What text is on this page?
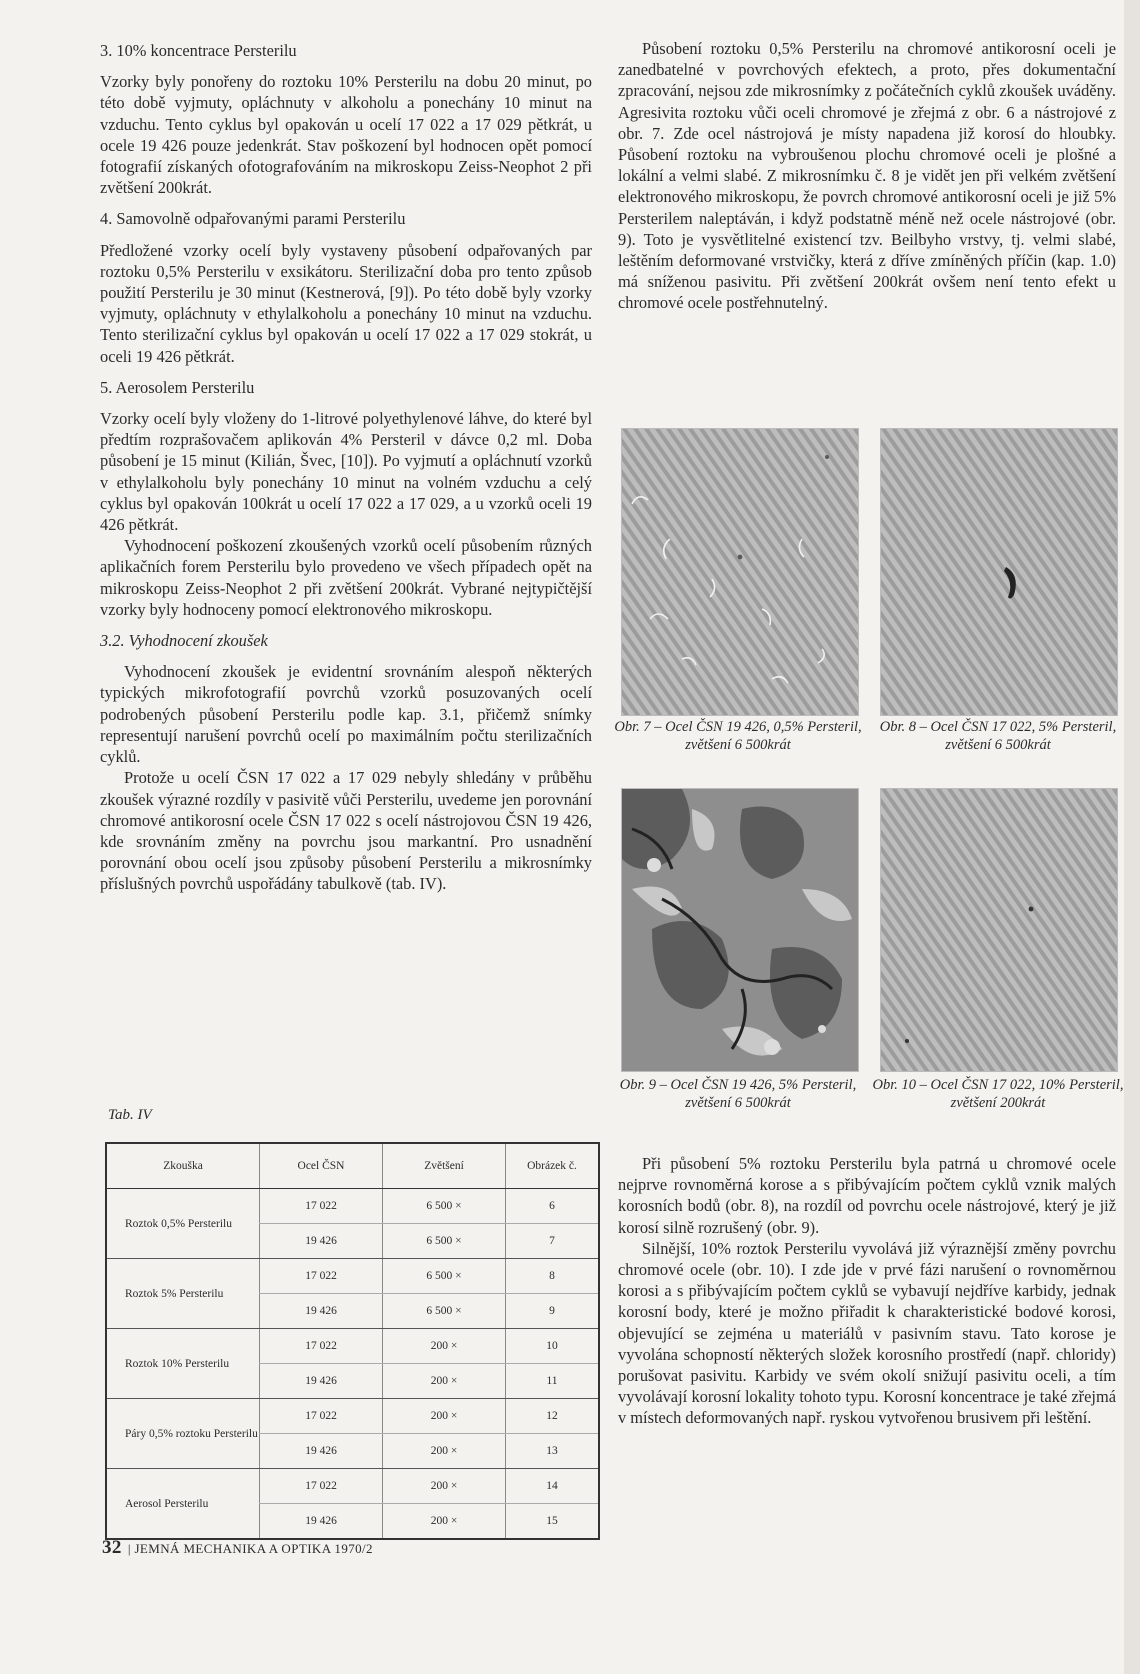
3. 10% koncentrace Persterilu

Vzorky byly ponořeny do roztoku 10% Persterilu na dobu 20 minut, po této době vyjmuty, opláchnuty v alkoholu a ponechány 10 minut na vzduchu. Tento cyklus byl opakován u ocelí 17 022 a 17 029 pětkrát, u ocele 19 426 pouze jedenkrát. Stav poškození byl hodnocen opět pomocí fotografií získaných ofotografováním na mikroskopu Zeiss-Neophot 2 při zvětšení 200krát.

4. Samovolně odpařovanými parami Persterilu

Předložené vzorky ocelí byly vystaveny působení odpařovaných par roztoku 0,5% Persterilu v exsikátoru. Sterilizační doba pro tento způsob použití Persterilu je 30 minut (Kestnerová, [9]). Po této době byly vzorky vyjmuty, opláchnuty v ethylalkoholu a ponechány 10 minut na vzduchu. Tento sterilizační cyklus byl opakován u ocelí 17 022 a 17 029 stokrát, u oceli 19 426 pětkrát.

5. Aerosolem Persterilu

Vzorky ocelí byly vloženy do 1-litrové polyethylenové láhve, do které byl předtím rozprašovačem aplikován 4% Persteril v dávce 0,2 ml. Doba působení je 15 minut (Kilián, Švec, [10]). Po vyjmutí a opláchnutí vzorků v ethylalkoholu byly ponechány 10 minut na volném vzduchu a celý cyklus byl opakován 100krát u ocelí 17 022 a 17 029, a u vzorků oceli 19 426 pětkrát.

Vyhodnocení poškození zkoušených vzorků ocelí působením různých aplikačních forem Persterilu bylo provedeno ve všech případech opět na mikroskopu Zeiss-Neophot 2 při zvětšení 200krát. Vybrané nejtypičtější vzorky byly hodnoceny pomocí elektronového mikroskopu.

3.2. Vyhodnocení zkoušek

Vyhodnocení zkoušek je evidentní srovnáním alespoň některých typických mikrofotografií povrchů vzorků posuzovaných ocelí podrobených působení Persterilu podle kap. 3.1, přičemž snímky representují narušení povrchů ocelí po maximálním počtu sterilizačních cyklů.

Protože u ocelí ČSN 17 022 a 17 029 nebyly shledány v průběhu zkoušek výrazné rozdíly v pasivitě vůči Persterilu, uvedeme jen porovnání chromové antikorosní ocele ČSN 17 022 s ocelí nástrojovou ČSN 19 426, kde srovnáním změny na povrchu jsou markantní. Pro usnadnění porovnání obou ocelí jsou způsoby působení Persterilu a mikrosnímky příslušných povrchů uspořádány tabulkově (tab. IV).

Tab. IV
Zkouška	Ocel ČSN	Zvětšení	Obrázek č.
Roztok 0,5% Persterilu	17 022	6 500 ×	6
	19 426	6 500 ×	7
Roztok 5% Persterilu	17 022	6 500 ×	8
	19 426	6 500 ×	9
Roztok 10% Persterilu	17 022	200 ×	10
	19 426	200 ×	11
Páry 0,5% roztoku Persterilu	17 022	200 ×	12
	19 426	200 ×	13
Aerosol Persterilu	17 022	200 ×	14
	19 426	200 ×	15

Působení roztoku 0,5% Persterilu na chromové antikorosní oceli je zanedbatelné v povrchových efektech, a proto, přes dokumentační zpracování, nejsou zde mikrosnímky z počátečních cyklů zkoušek uváděny. Agresivita roztoku vůči oceli chromové je zřejmá z obr. 6 a nástrojové z obr. 7. Zde ocel nástrojová je místy napadena již korosí do hloubky. Působení roztoku na vybroušenou plochu chromové oceli je plošné a lokální a velmi slabé. Z mikrosnímku č. 8 je vidět jen při velkém zvětšení elektronového mikroskopu, že povrch chromové antikorosní oceli je již 5% Persterilem naleptáván, i když podstatně méně než ocele nástrojové (obr. 9). Toto je vysvětlitelné existencí tzv. Beilbyho vrstvy, tj. velmi slabé, leštěním deformované vrstvičky, která z dříve zmíněných příčin (kap. 1.0) má sníženou pasivitu. Při zvětšení 200krát ovšem není tento efekt u chromové ocele postřehnutelný.

Obr. 7 – Ocel ČSN 19 426, 0,5% Persteril, zvětšení 6 500krát
Obr. 8 – Ocel ČSN 17 022, 5% Persteril, zvětšení 6 500krát
Obr. 9 – Ocel ČSN 19 426, 5% Persteril, zvětšení 6 500krát
Obr. 10 – Ocel ČSN 17 022, 10% Persteril, zvětšení 200krát

Při působení 5% roztoku Persterilu byla patrná u chromové ocele nejprve rovnoměrná korose a s přibývajícím počtem cyklů vznik malých korosních bodů (obr. 8), na rozdíl od povrchu ocele nástrojové, který je již korosí silně rozrušený (obr. 9).

Silnější, 10% roztok Persterilu vyvolává již výraznější změny povrchu chromové ocele (obr. 10). I zde jde v prvé fázi narušení o rovnoměrnou korosi a s přibývajícím počtem cyklů se vybavují nejdříve karbidy, jednak korosní body, které je možno přiřadit k charakteristické bodové korosi, objevující se zejména u materiálů v pasivním stavu. Tato korose je vyvolána schopností některých složek korosního prostředí (např. chloridy) porušovat pasivitu. Karbidy ve svém okolí snižují pasivitu oceli, a tím vyvolávají korosní lokality tohoto typu. Korosní koncentrace je také zřejmá v místech deformovaných např. ryskou vytvořenou brusivem při leštění.

32 | JEMNÁ MECHANIKA A OPTIKA 1970/2
